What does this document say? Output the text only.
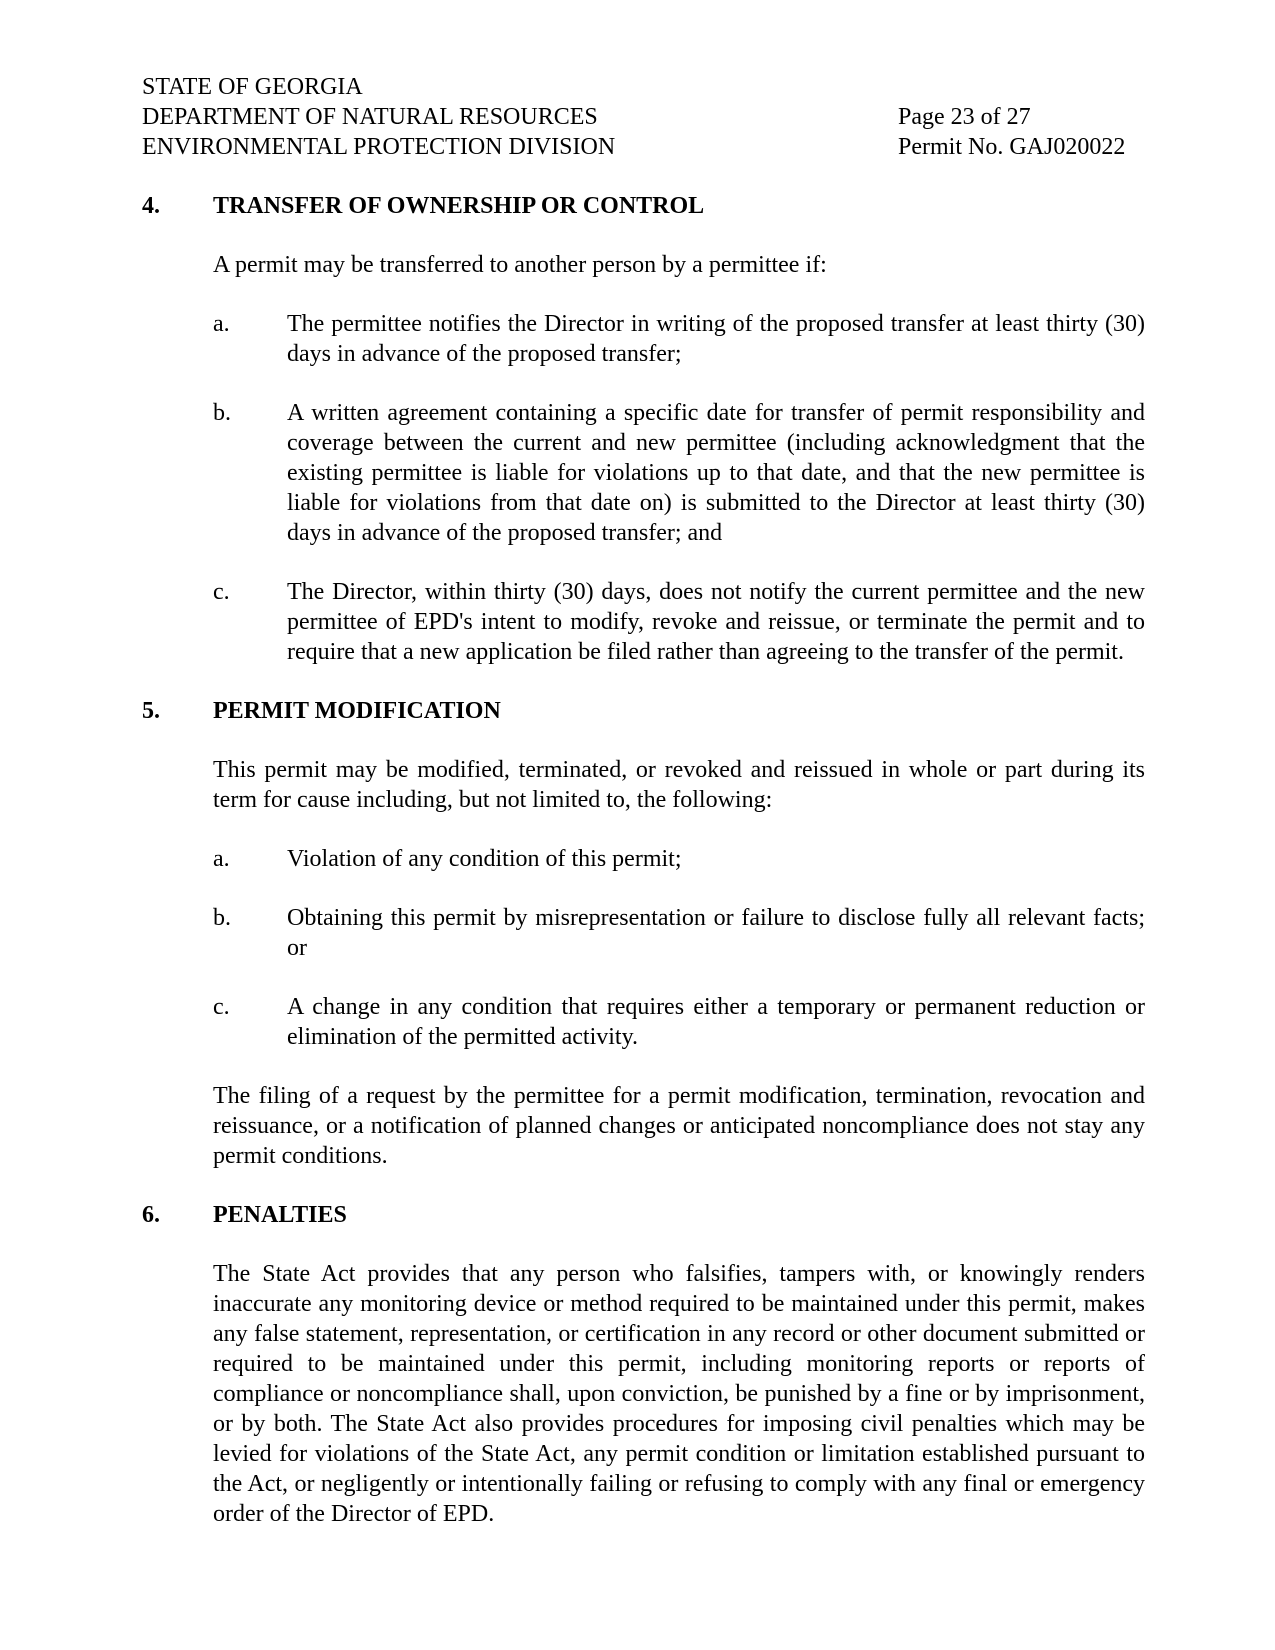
STATE OF GEORGIA
DEPARTMENT OF NATURAL RESOURCES
ENVIRONMENTAL PROTECTION DIVISION
Page 23 of 27
Permit No. GAJ020022
4.	TRANSFER OF OWNERSHIP OR CONTROL
A permit may be transferred to another person by a permittee if:
a.	The permittee notifies the Director in writing of the proposed transfer at least thirty (30) days in advance of the proposed transfer;
b.	A written agreement containing a specific date for transfer of permit responsibility and coverage between the current and new permittee (including acknowledgment that the existing permittee is liable for violations up to that date, and that the new permittee is liable for violations from that date on) is submitted to the Director at least thirty (30) days in advance of the proposed transfer; and
c.	The Director, within thirty (30) days, does not notify the current permittee and the new permittee of EPD's intent to modify, revoke and reissue, or terminate the permit and to require that a new application be filed rather than agreeing to the transfer of the permit.
5.	PERMIT MODIFICATION
This permit may be modified, terminated, or revoked and reissued in whole or part during its term for cause including, but not limited to, the following:
a.	Violation of any condition of this permit;
b.	Obtaining this permit by misrepresentation or failure to disclose fully all relevant facts; or
c.	A change in any condition that requires either a temporary or permanent reduction or elimination of the permitted activity.
The filing of a request by the permittee for a permit modification, termination, revocation and reissuance, or a notification of planned changes or anticipated noncompliance does not stay any permit conditions.
6.	PENALTIES
The State Act provides that any person who falsifies, tampers with, or knowingly renders inaccurate any monitoring device or method required to be maintained under this permit, makes any false statement, representation, or certification in any record or other document submitted or required to be maintained under this permit, including monitoring reports or reports of compliance or noncompliance shall, upon conviction, be punished by a fine or by imprisonment, or by both. The State Act also provides procedures for imposing civil penalties which may be levied for violations of the State Act, any permit condition or limitation established pursuant to the Act, or negligently or intentionally failing or refusing to comply with any final or emergency order of the Director of EPD.
